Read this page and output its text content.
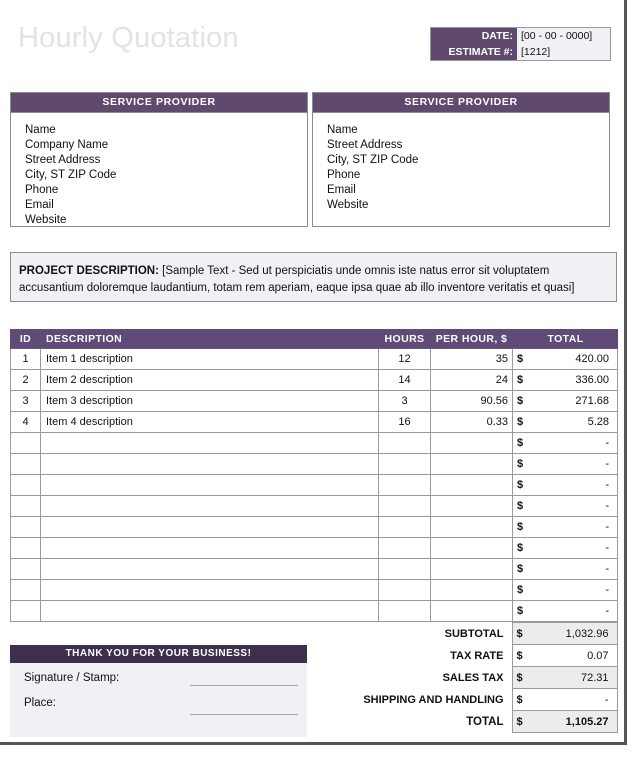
Hourly Quotation	DATE: [00 - 00 - 0000]
ESTIMATE #: [1212]
SERVICE PROVIDER
Name
Company Name
Street Address
City, ST ZIP Code
Phone
Email
Website
SERVICE PROVIDER
Name
Street Address
City, ST ZIP Code
Phone
Email
Website

PROJECT DESCRIPTION: [Sample Text - Sed ut perspiciatis unde omnis iste natus error sit voluptatem accusantium doloremque laudantium, totam rem aperiam, eaque ipsa quae ab illo inventore veritatis et quasi]

ID	DESCRIPTION	HOURS	PER HOUR, $		TOTAL
1	Item 1 description	12	35	$	420.00
2	Item 2 description	14	24	$	336.00
3	Item 3 description	3	90.56	$	271.68
4	Item 4 description	16	0.33	$	5.28
				$	-
				$	-
				$	-
				$	-
				$	-
				$	-
				$	-
				$	-
				$	-
SUBTOTAL	$	1,032.96
TAX RATE	$	0.07
SALES TAX	$	72.31
SHIPPING AND HANDLING	$	-
TOTAL	$	1,105.27
THANK YOU FOR YOUR BUSINESS!
Signature / Stamp:
Place:
